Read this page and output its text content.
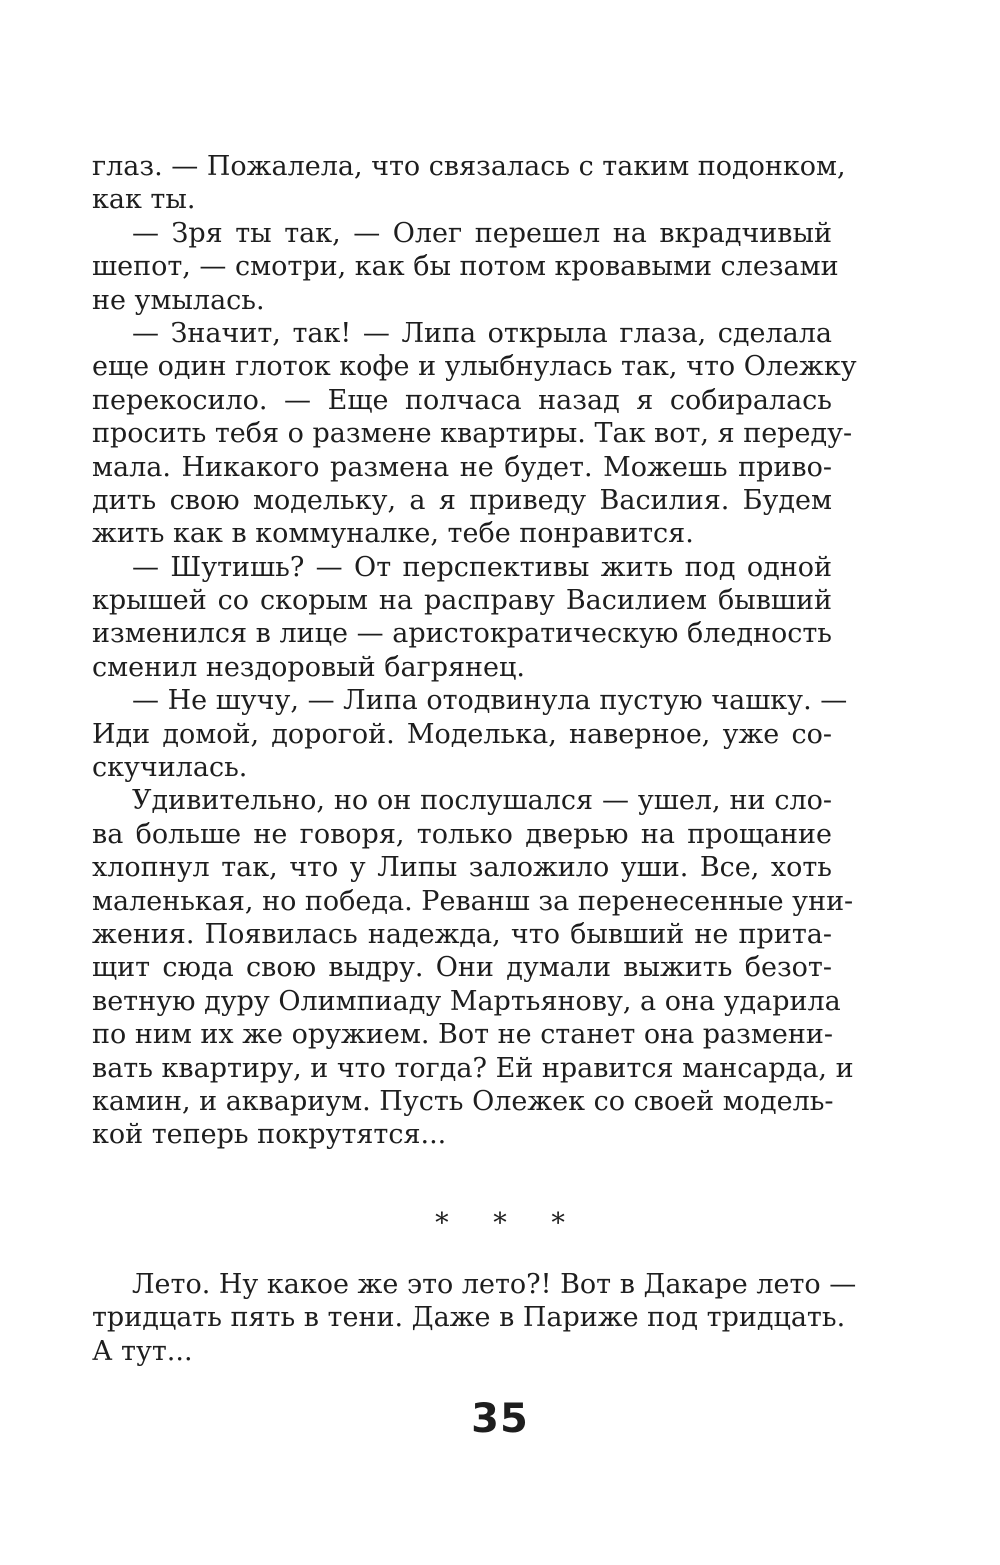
глаз. — Пожалела, что связалась с таким подонком,
как ты.
— Зря ты так, — Олег перешел на вкрадчивый
шепот, — смотри, как бы потом кровавыми слезами
не умылась.
— Значит, так! — Липа открыла глаза, сделала
еще один глоток кофе и улыбнулась так, что Олежку
перекосило. — Еще полчаса назад я собиралась
просить тебя о размене квартиры. Так вот, я переду-
мала. Никакого размена не будет. Можешь приво-
дить свою модельку, а я приведу Василия. Будем
жить как в коммуналке, тебе понравится.
— Шутишь? — От перспективы жить под одной
крышей со скорым на расправу Василием бывший
изменился в лице — аристократическую бледность
сменил нездоровый багрянец.
— Не шучу, — Липа отодвинула пустую чашку. —
Иди домой, дорогой. Моделька, наверное, уже со-
скучилась.
Удивительно, но он послушался — ушел, ни сло-
ва больше не говоря, только дверью на прощание
хлопнул так, что у Липы заложило уши. Все, хоть
маленькая, но победа. Реванш за перенесенные уни-
жения. Появилась надежда, что бывший не прита-
щит сюда свою выдру. Они думали выжить безот-
ветную дуру Олимпиаду Мартьянову, а она ударила
по ним их же оружием. Вот не станет она размени-
вать квартиру, и что тогда? Ей нравится мансарда, и
камин, и аквариум. Пусть Олежек со своей модель-
кой теперь покрутятся...
* * *
Лето. Ну какое же это лето?! Вот в Дакаре лето —
тридцать пять в тени. Даже в Париже под тридцать.
А тут...
35
